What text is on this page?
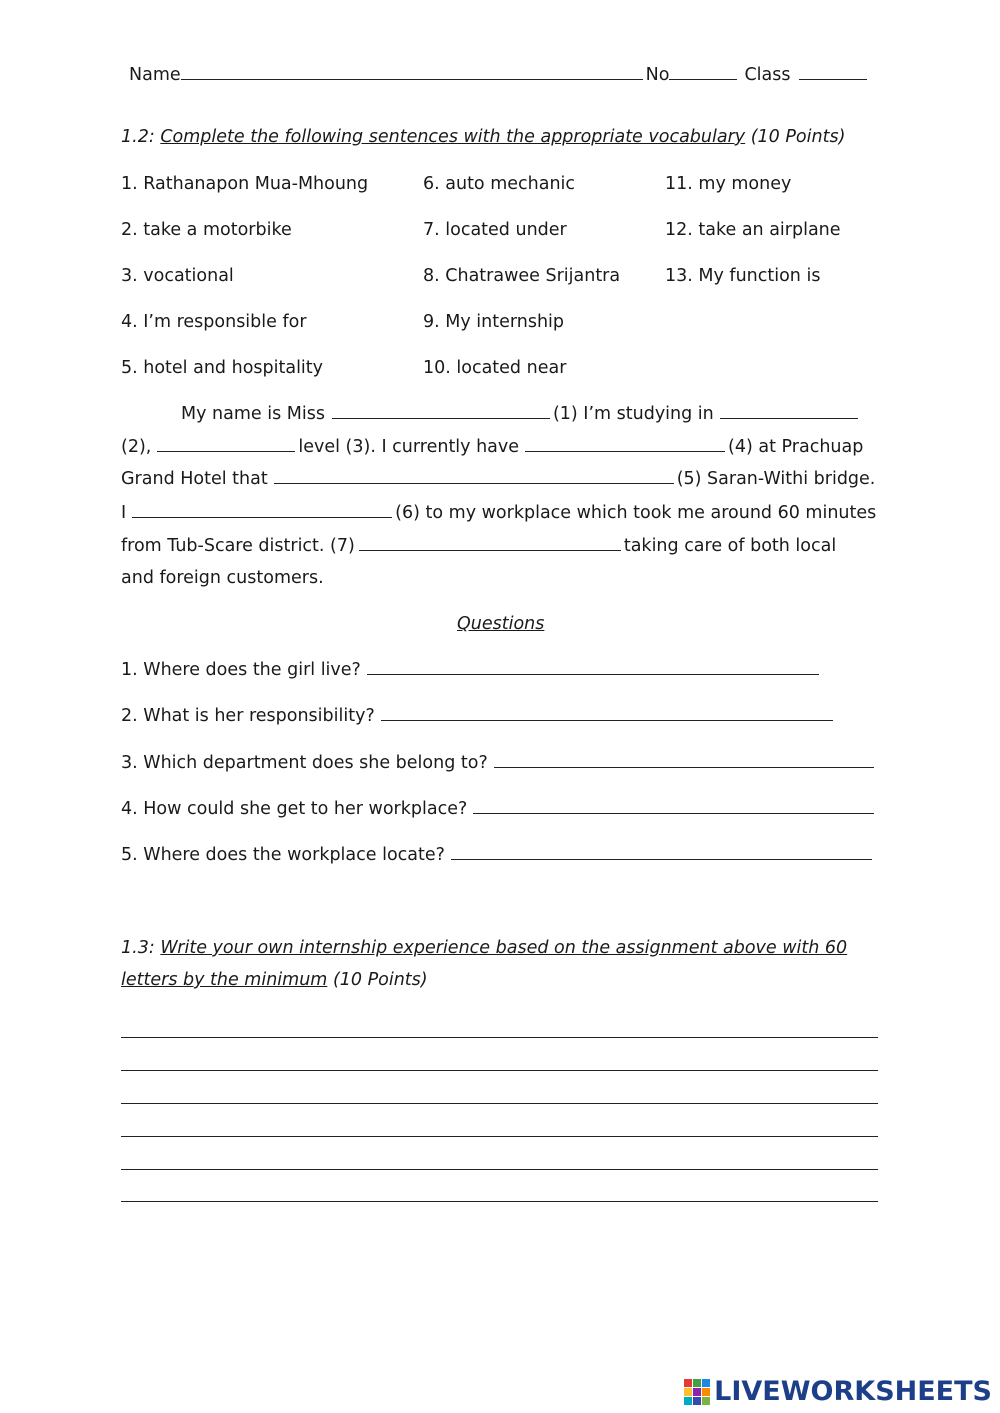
Name	No	Class
1.2: Complete the following sentences with the appropriate vocabulary (10 Points)
1. Rathanapon Mua-Mhoung
2. take a motorbike
3. vocational
4. I’m responsible for
5. hotel and hospitality
6. auto mechanic
7. located under
8. Chatrawee Srijantra
9. My internship
10. located near
11. my money
12. take an airplane
13. My function is
My name is Miss	(1) I’m studying in
(2),	level (3). I currently have	(4) at Prachuap
Grand Hotel that	(5) Saran-Withi bridge.
I	(6) to my workplace which took me around 60 minutes
from Tub-Scare district. (7)	taking care of both local
and foreign customers.
Questions
1. Where does the girl live?
2. What is her responsibility?
3. Which department does she belong to?
4. How could she get to her workplace?
5. Where does the workplace locate?
1.3: Write your own internship experience based on the assignment above with 60
letters by the minimum (10 Points)
LIVEWORKSHEETS
